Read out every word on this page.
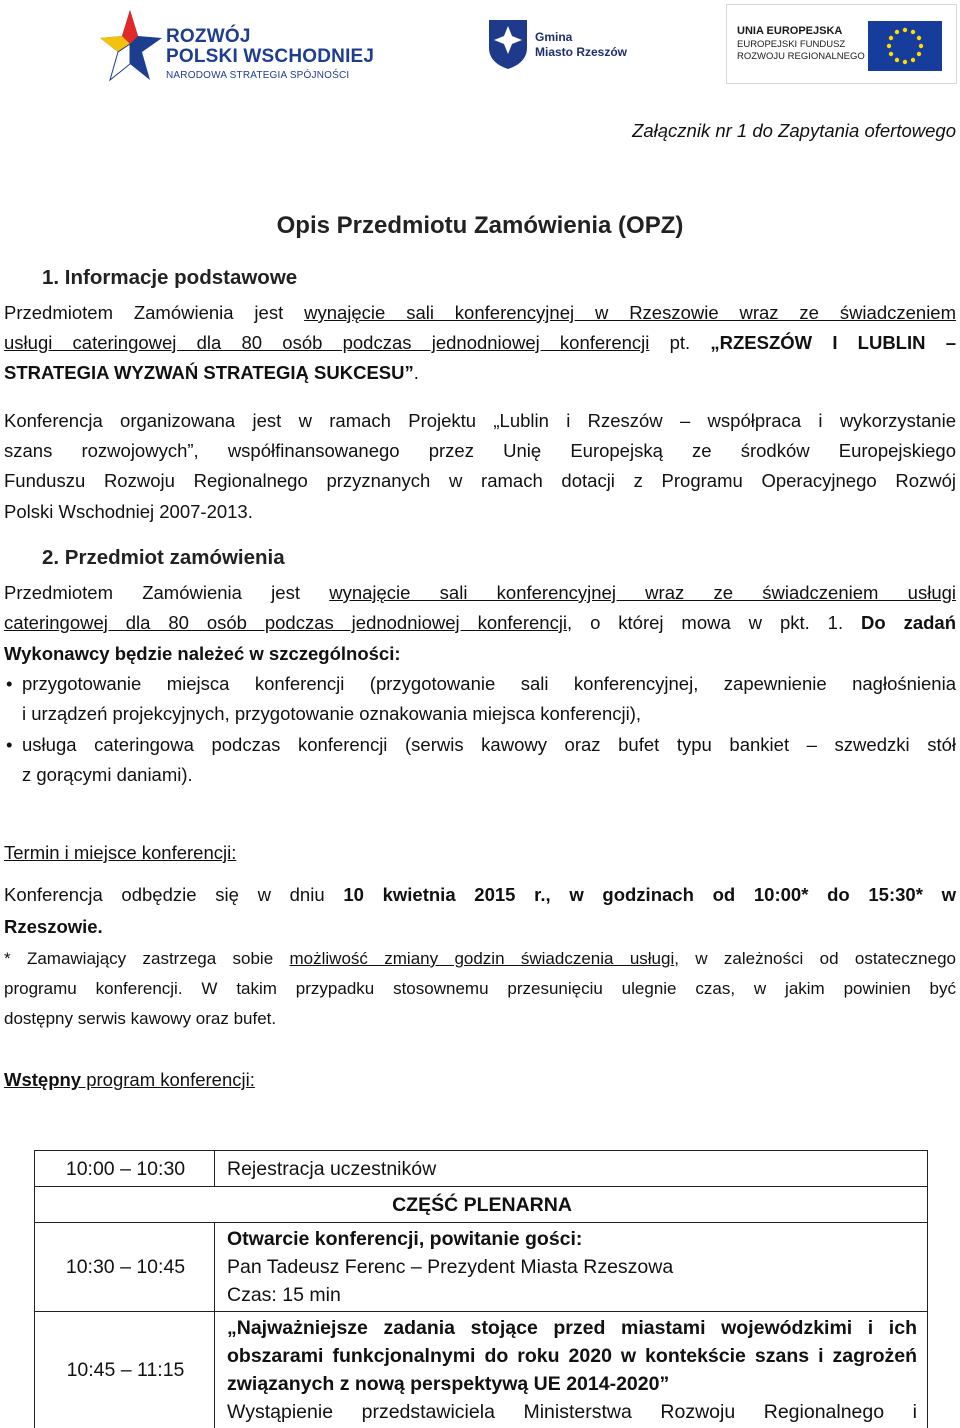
ROZWÓJ
POLSKI WSCHODNIEJ
NARODOWA STRATEGIA SPÓJNOŚCI
Gmina
Miasto Rzeszów
UNIA EUROPEJSKA
EUROPEJSKI FUNDUSZ
ROZWOJU REGIONALNEGO
Załącznik nr 1 do Zapytania ofertowego
Opis Przedmiotu Zamówienia (OPZ)
1. Informacje podstawowe
Przedmiotem Zamówienia jest wynajęcie sali konferencyjnej w Rzeszowie wraz ze świadczeniem
usługi cateringowej dla 80 osób podczas jednodniowej konferencji pt. „RZESZÓW I LUBLIN –
STRATEGIA WYZWAŃ STRATEGIĄ SUKCESU”.
Konferencja organizowana jest w ramach Projektu „Lublin i Rzeszów – współpraca i wykorzystanie
szans rozwojowych”, współfinansowanego przez Unię Europejską ze środków Europejskiego
Funduszu Rozwoju Regionalnego przyznanych w ramach dotacji z Programu Operacyjnego Rozwój
Polski Wschodniej 2007-2013.
2. Przedmiot zamówienia
Przedmiotem Zamówienia jest wynajęcie sali konferencyjnej wraz ze świadczeniem usługi
cateringowej dla 80 osób podczas jednodniowej konferencji, o której mowa w pkt. 1. Do zadań
Wykonawcy będzie należeć w szczególności:
• przygotowanie miejsca konferencji (przygotowanie sali konferencyjnej, zapewnienie nagłośnienia
i urządzeń projekcyjnych, przygotowanie oznakowania miejsca konferencji),
• usługa cateringowa podczas konferencji (serwis kawowy oraz bufet typu bankiet – szwedzki stół
z gorącymi daniami).
Termin i miejsce konferencji:
Konferencja odbędzie się w dniu 10 kwietnia 2015 r., w godzinach od 10:00* do 15:30* w
Rzeszowie.
* Zamawiający zastrzega sobie możliwość zmiany godzin świadczenia usługi, w zależności od ostatecznego
programu konferencji. W takim przypadku stosownemu przesunięciu ulegnie czas, w jakim powinien być
dostępny serwis kawowy oraz bufet.
Wstępny program konferencji:
10:00 – 10:30	Rejestracja uczestników
CZĘŚĆ PLENARNA	
10:30 – 10:45	Otwarcie konferencji, powitanie gości:
Pan Tadeusz Ferenc – Prezydent Miasta Rzeszowa
Czas: 15 min

10:45 – 11:15	„Najważniejsze zadania stojące przed miastami wojewódzkimi i ich
obszarami funkcjonalnymi do roku 2020 w kontekście szans i zagrożeń
związanych z nową perspektywą UE 2014-2020”
Wystąpienie przedstawiciela Ministerstwa Rozwoju Regionalnego i
